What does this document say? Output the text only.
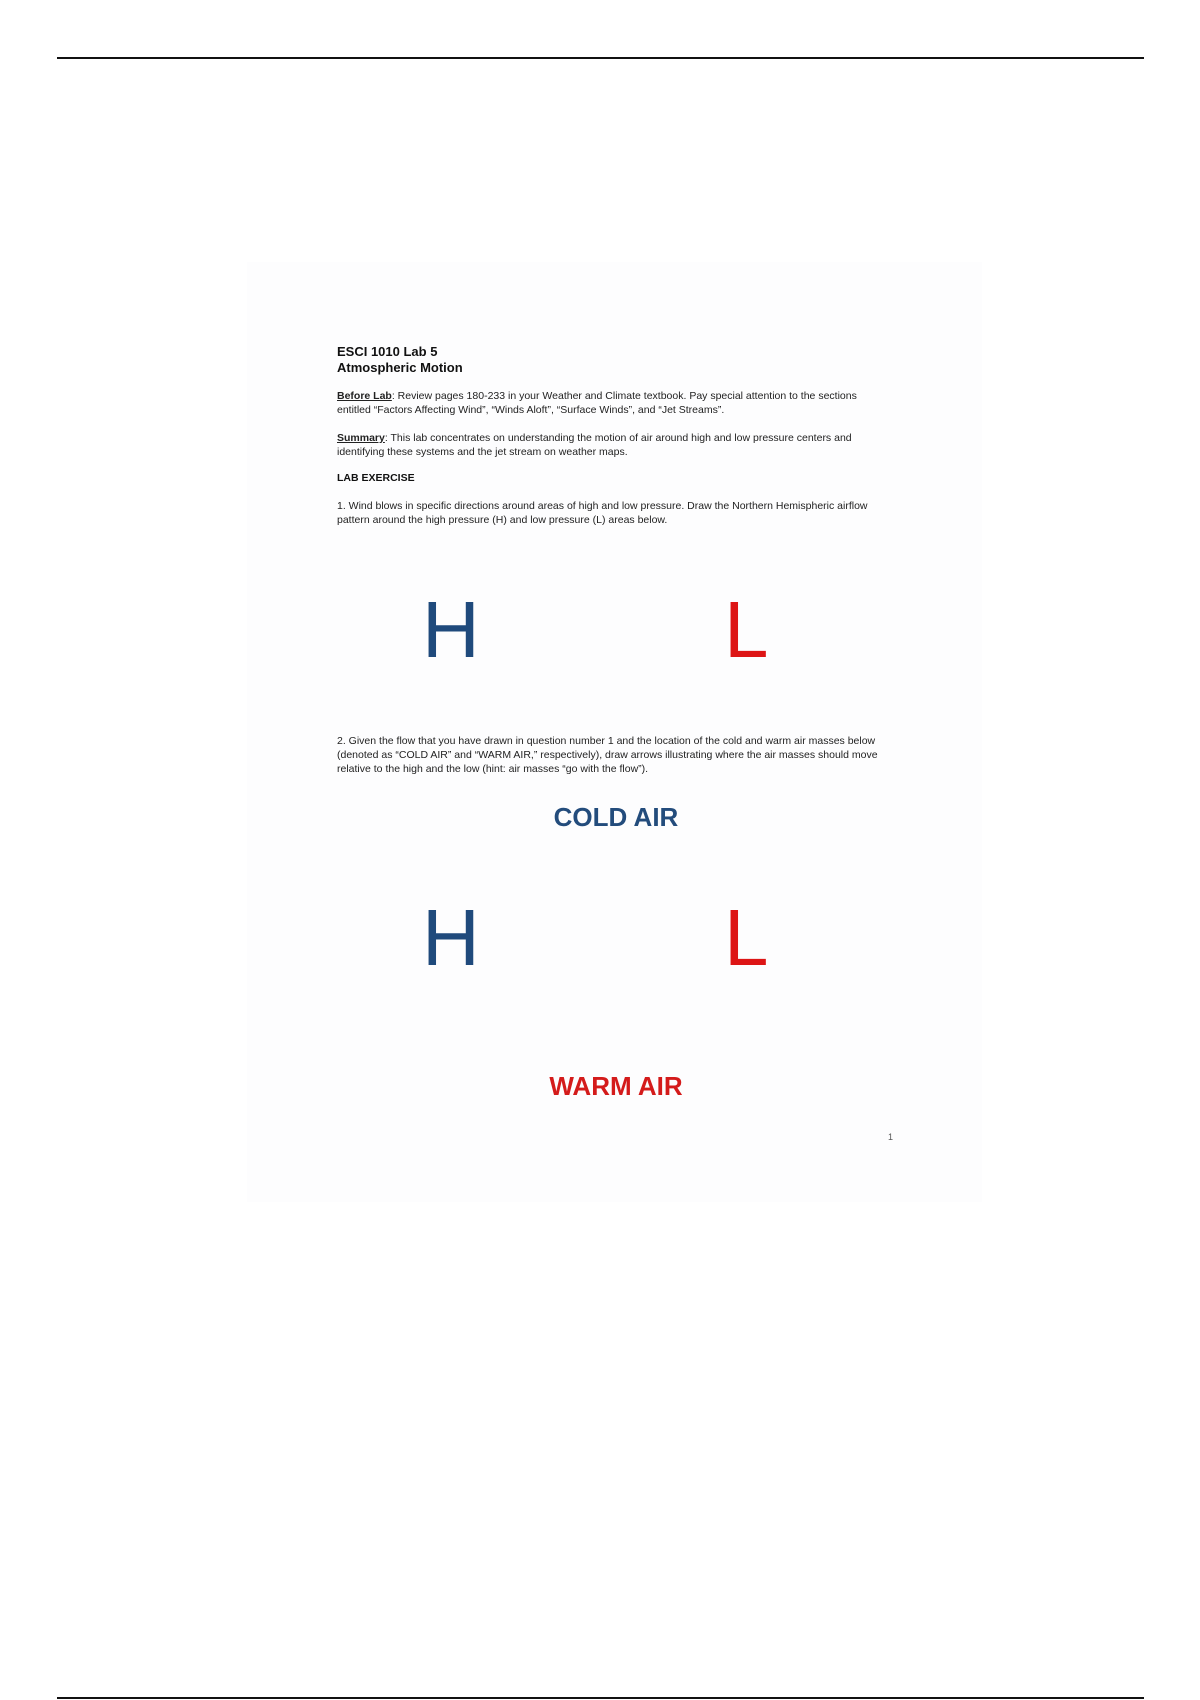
ESCI 1010 Lab 5

Atmospheric Motion

Before Lab: Review pages 180-233 in your Weather and Climate textbook. Pay special attention to the sections entitled “Factors Affecting Wind”, “Winds Aloft”, “Surface Winds”, and “Jet Streams”.

Summary: This lab concentrates on understanding the motion of air around high and low pressure centers and identifying these systems and the jet stream on weather maps.

LAB EXERCISE

1. Wind blows in specific directions around areas of high and low pressure. Draw the Northern Hemispheric airflow pattern around the high pressure (H) and low pressure (L) areas below.

H	L

2. Given the flow that you have drawn in question number 1 and the location of the cold and warm air masses below (denoted as “COLD AIR” and “WARM AIR,” respectively), draw arrows illustrating where the air masses should move relative to the high and the low (hint: air masses “go with the flow”).

COLD AIR
H	L
WARM AIR
1
